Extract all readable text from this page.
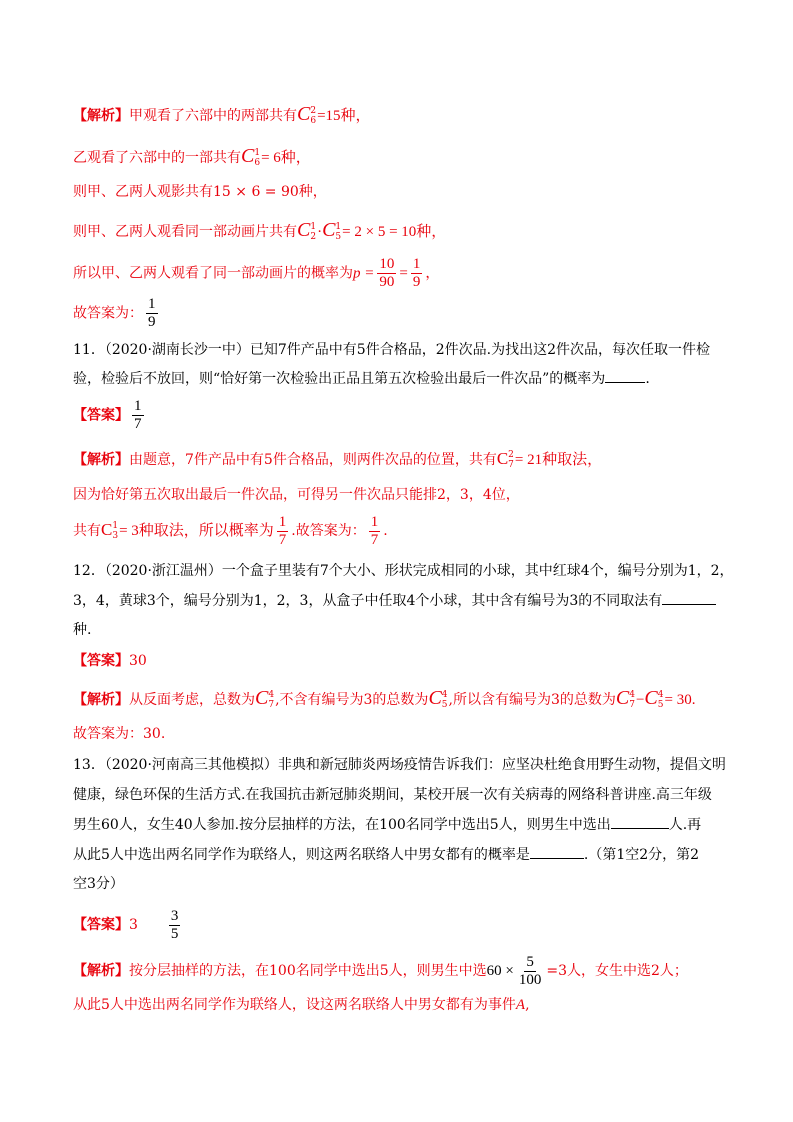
【解析】甲观看了六部中的两部共有C 2
6 =15种，
乙观看了六部中的一部共有C 1
6 = 6种，
则甲、乙两人观影共有15 × 6 = 90种，
则甲、乙两人观看同一部动画片共有C 1
2 ·C 1
5 = 2 × 5 = 10种，
所以甲、乙两人观看了同一部动画片的概率为$p = \frac{10}{90} = \frac{1}{9}$ ，
故答案为： $\frac{1}{9}$
11．（2020·湖南长沙一中）已知7件产品中有5件合格品，2件次品.为找出这2件次品，每次任取一件检
验，检验后不放回，则“恰好第一次检验出正品且第五次检验出最后一件次品”的概率为	.
【答案】 $\frac{1}{7}$
【解析】由题意，7件产品中有5件合格品，则两件次品的位置，共有C 2
7 = 21种取法，
因为恰好第五次取出最后一件次品，可得另一件次品只能排2，3，4位，
共有C 1
3 = 3种取法，所以概率为 $\frac{1}{7}$ .故答案为： $\frac{1}{7}$ .
12．（2020·浙江温州）一个盒子里装有7个大小、形状完成相同的小球，其中红球4个，编号分别为1，2，
3，4，黄球3个，编号分别为1，2，3，从盒子中任取4个小球，其中含有编号为3的不同取法有
种.
【答案】30
【解析】从反面考虑，总数为C 4
7 ,不含有编号为3的总数为C 4
5 ,所以含有编号为3的总数为C 4
7 −C 4
5 = 30.
故答案为：30.
13．（2020·河南高三其他模拟）非典和新冠肺炎两场疫情告诉我们：应坚决杜绝食用野生动物，提倡文明
健康，绿色环保的生活方式.在我国抗击新冠肺炎期间，某校开展一次有关病毒的网络科普讲座.高三年级
男生60人，女生40人参加.按分层抽样的方法，在100名同学中选出5人，则男生中选出	人.再
从此5人中选出两名同学作为联络人，则这两名联络人中男女都有的概率是	.（第1空2分，第2
空3分）
【答案】$3 \frac{3}{5}$
【解析】按分层抽样的方法，在100名同学中选出5人，则男生中选$60 \times \frac{5}{100} =3$人，女生中选2人；
从此5人中选出两名同学作为联络人，设这两名联络人中男女都有为事件A,
